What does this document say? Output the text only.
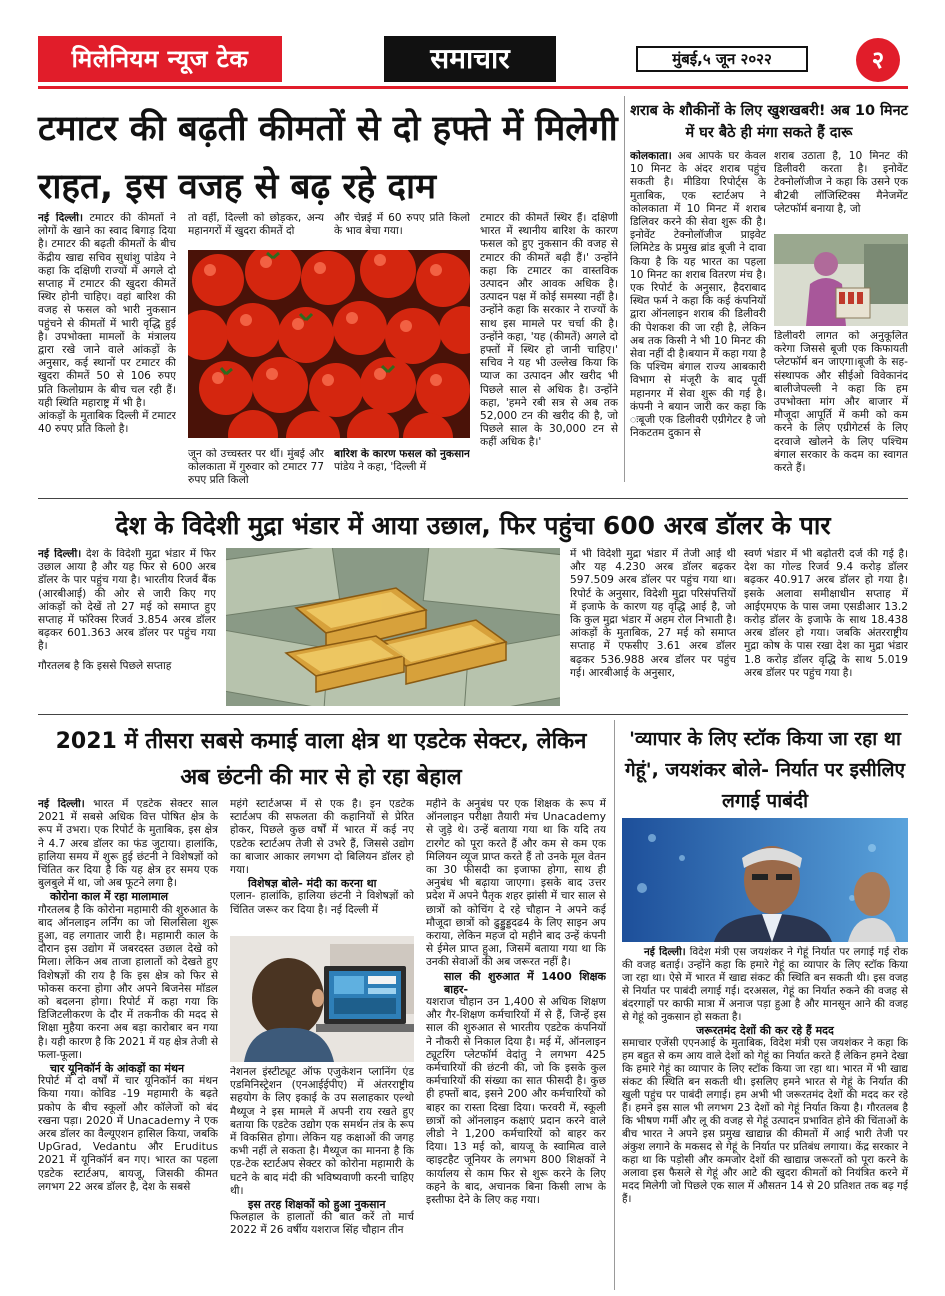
मिलेनियम न्यूज टेक	समाचार	मुंबई,५ जून २०२२	२
टमाटर की बढ़ती कीमतों से दो हफ्ते में मिलेगी राहत, इस वजह से बढ़ रहे दाम
नई दिल्ली। टमाटर की कीमतों ने लोगों के खाने का स्वाद बिगाड़ दिया है। टमाटर की बढ़ती कीमतों के बीच केंद्रीय खाद्य सचिव सुधांशु पांडेय ने कहा कि दक्षिणी राज्यों में अगले दो सप्ताह में टमाटर की खुदरा कीमतें स्थिर होनी चाहिए। वहां बारिश की वजह से फसल को भारी नुकसान पहुंचने से कीमतों में भारी वृद्धि हुई है। उपभोक्ता मामलों के मंत्रालय द्वारा रखे जाने वाले आंकड़ों के अनुसार, कई स्थानों पर टमाटर की खुदरा कीमतें 50 से 106 रुपए प्रति किलोग्राम के बीच चल रही हैं। यही स्थिति महाराष्ट्र में भी है।
आंकड़ों के मुताबिक दिल्ली में टमाटर 40 रुपए प्रति किलो है।
तो वहीं, दिल्ली को छोड़कर, अन्य महानगरों में खुदरा कीमतें दो
और चेन्नई में 60 रुपए प्रति किलो के भाव बेचा गया।
जून को उच्चस्तर पर थीं। मुंबई और कोलकाता में गुरुवार को टमाटर 77 रुपए प्रति किलो
बारिश के कारण फसल को नुकसान
पांडेय ने कहा, 'दिल्ली में
टमाटर की कीमतें स्थिर हैं। दक्षिणी भारत में स्थानीय बारिश के कारण फसल को हुए नुकसान की वजह से टमाटर की कीमतें बढ़ी हैं।' उन्होंने कहा कि टमाटर का वास्तविक उत्पादन और आवक अधिक है। उत्पादन पक्ष में कोई समस्या नहीं है। उन्होंने कहा कि सरकार ने राज्यों के साथ इस मामले पर चर्चा की है। उन्होंने कहा, 'यह (कीमतें) अगले दो हफ्तों में स्थिर हो जानी चाहिए।' सचिव ने यह भी उल्लेख किया कि प्याज का उत्पादन और खरीद भी पिछले साल से अधिक है। उन्होंने कहा, 'हमने रबी सत्र से अब तक 52,000 टन की खरीद की है, जो पिछले साल के 30,000 टन से कहीं अधिक है।'
शराब के शौकीनों के लिए खुशखबरी! अब 10 मिनट में घर बैठे ही मंगा सकते हैं दारू
कोलकाता। अब आपके घर केवल 10 मिनट के अंदर शराब पहुंच सकती है। मीडिया रिपोर्ट्स के मुताबिक, एक स्टार्टअप ने कोलकाता में 10 मिनट में शराब डिलिवर करने की सेवा शुरू की है। इनोवेंट टेक्नोलॉजीज प्राइवेट लिमिटेड के प्रमुख ब्रांड बूजी ने दावा किया है कि यह भारत का पहला 10 मिनट का शराब वितरण मंच है। एक रिपोर्ट के अनुसार, हैदराबाद स्थित फर्म ने कहा कि कई कंपनियों द्वारा ऑनलाइन शराब की डिलीवरी की पेशकश की जा रही है, लेकिन अब तक किसी ने भी 10 मिनट की सेवा नहीं दी है।बयान में कहा गया है कि पश्चिम बंगाल राज्य आबकारी विभाग से मंजूरी के बाद पूर्वी महानगर में सेवा शुरू की गई है। कंपनी ने बयान जारी कर कहा कि ःबूजी एक डिलीवरी एग्रीगेटर है जो निकटतम दुकान से
शराब उठाता है, 10 मिनट की डिलीवरी करता है। इनोवेंट टेक्नोलॉजीज ने कहा कि उसने एक बी2बी लॉजिस्टिक्स मैनेजमेंट प्लेटफॉर्म बनाया है, जो
डिलीवरी लागत को अनुकूलित करेगा जिससे बूजी एक किफायती प्लेटफॉर्म बन जाएगा।बूजी के सह-संस्थापक और सीईओ विवेकानंद बालीजेपल्ली ने कहा कि हम उपभोक्ता मांग और बाजार में मौजूदा आपूर्ति में कमी को कम करने के लिए एग्रीगेटर्स के लिए दरवाजे खोलने के लिए पश्चिम बंगाल सरकार के कदम का स्वागत करते हैं।
देश के विदेशी मुद्रा भंडार में आया उछाल, फिर पहुंचा 600 अरब डॉलर के पार
नई दिल्ली। देश के विदेशी मुद्रा भंडार में फिर उछाल आया है और यह फिर से 600 अरब डॉलर के पार पहुंच गया है। भारतीय रिजर्व बैंक (आरबीआई) की ओर से जारी किए गए आंकड़ों को देखें तो 27 मई को समाप्त हुए सप्ताह में फॉरेक्स रिजर्व 3.854 अरब डॉलर बढ़कर 601.363 अरब डॉलर पर पहुंच गया है।
गौरतलब है कि इससे पिछले सप्ताह
में भी विदेशी मुद्रा भंडार में तेजी आई थी और यह 4.230 अरब डॉलर बढ़कर 597.509 अरब डॉलर पर पहुंच गया था। रिपोर्ट के अनुसार, विदेशी मुद्रा परिसंपत्तियों में इजाफे के कारण यह वृद्धि आई है, जो कि कुल मुद्रा भंडार में अहम रोल निभाती है। आंकड़ों के मुताबिक, 27 मई को समाप्त सप्ताह में एफसीए 3.61 अरब डॉलर बढ़कर 536.988 अरब डॉलर पर पहुंच गई। आरबीआई के अनुसार,
स्वर्ण भंडार में भी बढ़ोतरी दर्ज की गई है। देश का गोल्ड रिजर्व 9.4 करोड़ डॉलर बढ़कर 40.917 अरब डॉलर हो गया है। इसके अलावा समीक्षाधीन सप्ताह में आईएमएफ के पास जमा एसडीआर 13.2 करोड़ डॉलर के इजाफे के साथ 18.438 अरब डॉलर हो गया। जबकि अंतरराष्ट्रीय मुद्रा कोष के पास रखा देश का मुद्रा भंडार 1.8 करोड़ डॉलर वृद्धि के साथ 5.019 अरब डॉलर पर पहुंच गया है।
2021 में तीसरा सबसे कमाई वाला क्षेत्र था एडटेक सेक्टर, लेकिन अब छंटनी की मार से हो रहा बेहाल
नई दिल्ली। भारत में एडटेक सेक्टर साल 2021 में सबसे अधिक वित्त पोषित क्षेत्र के रूप में उभरा। एक रिपोर्ट के मुताबिक, इस क्षेत्र ने 4.7 अरब डॉलर का फंड जुटाया। हालांकि, हालिया समय में शुरू हुई छंटनी ने विशेषज्ञों को चिंतित कर दिया है कि यह क्षेत्र हर समय एक बुलबुले में था, जो अब फूटने लगा है।
कोरोना काल में रहा मालामाल
गौरतलब है कि कोरोना महामारी की शुरुआत के बाद ऑनलाइन लर्निंग का जो सिलसिला शुरू हुआ, वह लगातार जारी है। महामारी काल के दौरान इस उद्योग में जबरदस्त उछाल देखे को मिला। लेकिन अब ताजा हालातों को देखते हुए विशेषज्ञों की राय है कि इस क्षेत्र को फिर से फोकस करना होगा और अपने बिजनेस मॉडल को बदलना होगा। रिपोर्ट में कहा गया कि डिजिटलीकरण के दौर में तकनीक की मदद से शिक्षा मुहैया करना अब बड़ा कारोबार बन गया है। यही कारण है कि 2021 में यह क्षेत्र तेजी से फला-फूला।
चार यूनिकॉर्न के आंकड़ों का मंथन
रिपोर्ट में दो वर्षों में चार यूनिकॉर्न का मंथन किया गया। कोविड -19 महामारी के बढ़ते प्रकोप के बीच स्कूलों और कॉलेजों को बंद रखना पड़ा। 2020 में Unacademy ने एक अरब डॉलर का वैल्यूएशन हासिल किया, जबकि UpGrad, Vedantu और Eruditus 2021 में यूनिकॉर्न बन गए। भारत का पहला एडटेक स्टार्टअप, बायजू, जिसकी कीमत लगभग 22 अरब डॉलर है, देश के सबसे
महंगे स्टार्टअप्स में से एक है। इन एडटेक स्टार्टअप की सफलता की कहानियों से प्रेरित होकर, पिछले कुछ वर्षों में भारत में कई नए एडटेक स्टार्टअप तेजी से उभरे हैं, जिससे उद्योग का बाजार आकार लगभग दो बिलियन डॉलर हो गया।
विशेषज्ञ बोले- मंदी का करना था
एलान- हालांकि, हालिया छंटनी ने विशेषज्ञों को चिंतित जरूर कर दिया है। नई दिल्ली में
नेशनल इंस्टीट्यूट ऑफ एजुकेशन प्लानिंग एंड एडमिनिस्ट्रेशन (एनआईईपीए) में अंतरराष्ट्रीय सहयोग के लिए इकाई के उप सलाहकार एल्थो मैथ्यूज ने इस मामले में अपनी राय रखते हुए बताया कि एडटेक उद्योग एक समर्थन तंत्र के रूप में विकसित होगा। लेकिन यह कक्षाओं की जगह कभी नहीं ले सकता है। मैथ्यूज का मानना है कि एड-टेक स्टार्टअप सेक्टर को कोरोना महामारी के घटने के बाद मंदी की भविष्यवाणी करनी चाहिए थी।
इस तरह शिक्षकों को हुआ नुकसान
फिलहाल के हालातों की बात करें तो मार्च 2022 में 26 वर्षीय यशराज सिंह चौहान तीन
महीने के अनुबंध पर एक शिक्षक के रूप में ऑनलाइन परीक्षा तैयारी मंच Unacademy से जुड़े थे। उन्हें बताया गया था कि यदि तय टारगेट को पूरा करते हैं और कम से कम एक मिलियन व्यूज प्राप्त करते हैं तो उनके मूल वेतन का 30 फीसदी का इजाफा होगा, साथ ही अनुबंध भी बढ़ाया जाएगा। इसके बाद उत्तर प्रदेश में अपने पैतृक शहर झांसी में चार साल से छात्रों को कोचिंग दे रहे चौहान ने अपने कई मौजूदा छात्रों को ढुड्डुड्डदढ4 के लिए साइन अप कराया, लेकिन महज दो महीने बाद उन्हें कंपनी से ईमेल प्राप्त हुआ, जिसमें बताया गया था कि उनकी सेवाओं की अब जरूरत नहीं है।
साल की शुरुआत में 1400 शिक्षक बाहर-
यशराज चौहान उन 1,400 से अधिक शिक्षण और गैर-शिक्षण कर्मचारियों में से हैं, जिन्हें इस साल की शुरुआत से भारतीय एडटेक कंपनियों ने नौकरी से निकाल दिया है। मई में, ऑनलाइन ट्यूटरिंग प्लेटफॉर्म वेदांतु ने लगभग 425 कर्मचारियों की छंटनी की, जो कि इसके कुल कर्मचारियों की संख्या का सात फीसदी है। कुछ ही हफ्तों बाद, इसने 200 और कर्मचारियों को बाहर का रास्ता दिखा दिया। फरवरी में, स्कूली छात्रों को ऑनलाइन कक्षाएं प्रदान करने वाले लीडो ने 1,200 कर्मचारियों को बाहर कर दिया। 13 मई को, बायजू के स्वामित्व वाले व्हाइटहैट जूनियर के लगभग 800 शिक्षकों ने कार्यालय से काम फिर से शुरू करने के लिए कहने के बाद, अचानक बिना किसी लाभ के इस्तीफा देने के लिए कह गया।
'व्यापार के लिए स्टॉक किया जा रहा था गेहूं', जयशंकर बोले- निर्यात पर इसीलिए लगाई पाबंदी
नई दिल्ली। विदेश मंत्री एस जयशंकर ने गेहूं निर्यात पर लगाई गई रोक की वजह बताई। उन्होंने कहा कि हमारे गेहूं का व्यापार के लिए स्टॉक किया जा रहा था। ऐसे में भारत में खाद्य संकट की स्थिति बन सकती थी। इस वजह से निर्यात पर पाबंदी लगाई गई। दरअसल, गेहूं का निर्यात रुकने की वजह से बंदरगाहों पर काफी मात्रा में अनाज पड़ा हुआ है और मानसून आने की वजह से गेहूं को नुकसान हो सकता है।
जरूरतमंद देशों की कर रहे हैं मदद
समाचार एजेंसी एएनआई के मुताबिक, विदेश मंत्री एस जयशंकर ने कहा कि हम बहुत से कम आय वाले देशों को गेहूं का निर्यात करते हैं लेकिन हमने देखा कि हमारे गेहूं का व्यापार के लिए स्टॉक किया जा रहा था। भारत में भी खाद्य संकट की स्थिति बन सकती थी। इसलिए हमने भारत से गेहूं के निर्यात की खुली पहुंच पर पाबंदी लगाई। हम अभी भी जरूरतमंद देशों की मदद कर रहे हैं। हमने इस साल भी लगभग 23 देशों को गेहूं निर्यात किया है। गौरतलब है कि भीषण गर्मी और लू की वजह से गेहूं उत्पादन प्रभावित होने की चिंताओं के बीच भारत ने अपने इस प्रमुख खाद्यान्न की कीमतों में आई भारी तेजी पर अंकुश लगाने के मकसद से गेहूं के निर्यात पर प्रतिबंध लगाया। केंद्र सरकार ने कहा था कि पड़ोसी और कमजोर देशों की खाद्यान्न जरूरतों को पूरा करने के अलावा इस फैसले से गेहूं और आटे की खुदरा कीमतों को नियंत्रित करने में मदद मिलेगी जो पिछले एक साल में औसतन 14 से 20 प्रतिशत तक बढ़ गई हैं।
